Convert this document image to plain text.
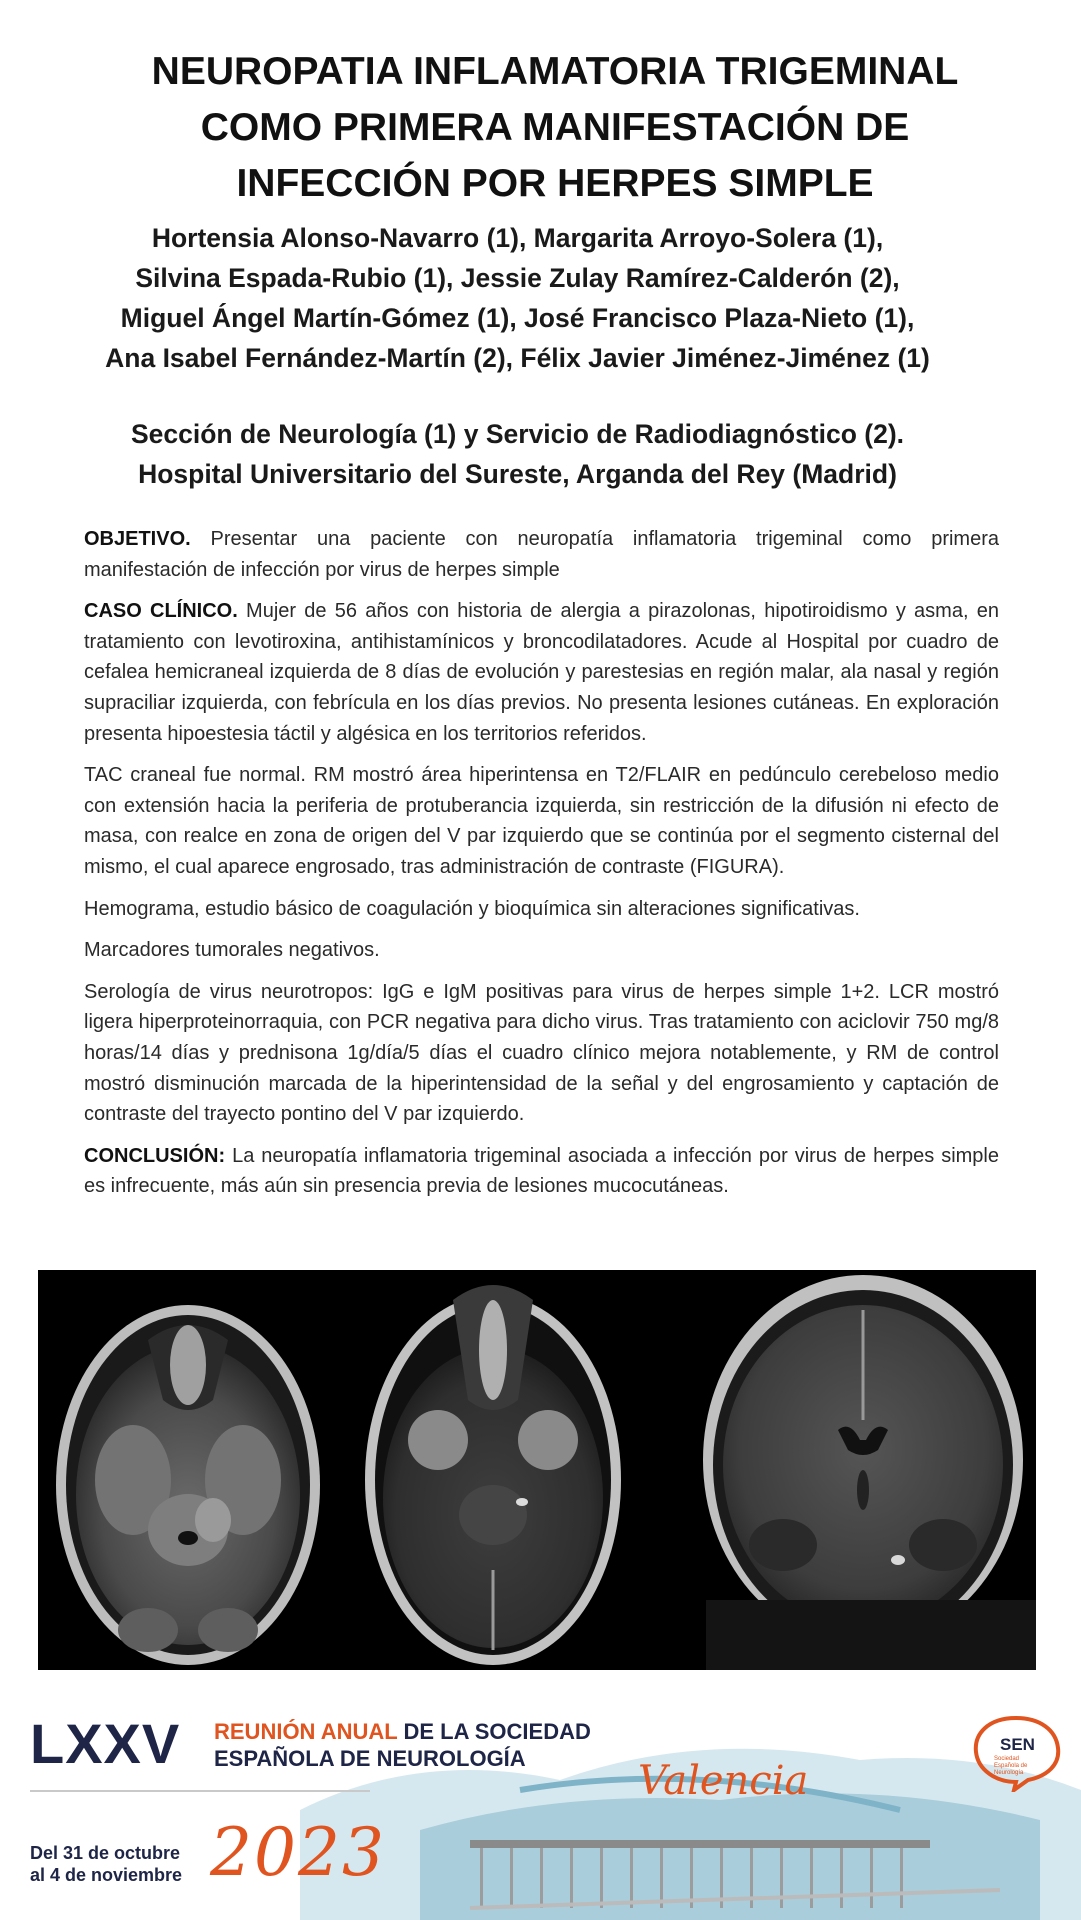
NEUROPATIA INFLAMATORIA TRIGEMINAL
COMO PRIMERA MANIFESTACIÓN DE
INFECCIÓN POR HERPES SIMPLE
Hortensia Alonso-Navarro (1), Margarita Arroyo-Solera (1),
Silvina Espada-Rubio (1), Jessie Zulay Ramírez-Calderón (2),
Miguel Ángel Martín-Gómez (1), José Francisco Plaza-Nieto (1),
Ana Isabel Fernández-Martín (2), Félix Javier Jiménez-Jiménez (1)
Sección de Neurología (1) y Servicio de Radiodiagnóstico (2).
Hospital Universitario del Sureste, Arganda del Rey (Madrid)

OBJETIVO. Presentar una paciente con neuropatía inflamatoria trigeminal como primera manifestación de infección por virus de herpes simple

CASO CLÍNICO. Mujer de 56 años con historia de alergia a pirazolonas, hipotiroidismo y asma, en tratamiento con levotiroxina, antihistamínicos y broncodilatadores. Acude al Hospital por cuadro de cefalea hemicraneal izquierda de 8 días de evolución y parestesias en región malar, ala nasal y región supraciliar izquierda, con febrícula en los días previos. No presenta lesiones cutáneas. En exploración presenta hipoestesia táctil y algésica en los territorios referidos.

TAC craneal fue normal. RM mostró área hiperintensa en T2/FLAIR en pedúnculo cerebeloso medio con extensión hacia la periferia de protuberancia izquierda, sin restricción de la difusión ni efecto de masa, con realce en zona de origen del V par izquierdo que se continúa por el segmento cisternal del mismo, el cual aparece engrosado, tras administración de contraste (FIGURA).

Hemograma, estudio básico de coagulación y bioquímica sin alteraciones significativas.

Marcadores tumorales negativos.

Serología de virus neurotropos: IgG e IgM positivas para virus de herpes simple 1+2. LCR mostró ligera hiperproteinorraquia, con PCR negativa para dicho virus. Tras tratamiento con aciclovir 750 mg/8 horas/14 días y prednisona 1g/día/5 días el cuadro clínico mejora notablemente, y RM de control mostró disminución marcada de la hiperintensidad de la señal y del engrosamiento y captación de contraste del trayecto pontino del V par izquierdo.

CONCLUSIÓN: La neuropatía inflamatoria trigeminal asociada a infección por virus de herpes simple es infrecuente, más aún sin presencia previa de lesiones mucocutáneas.

LXXV REUNIÓN ANUAL DE LA SOCIEDAD
ESPAÑOLA DE NEUROLOGÍA	Valencia
Del 31 de octubre
al 4 de noviembre 2023
SEN
Sociedad Española de Neurología
